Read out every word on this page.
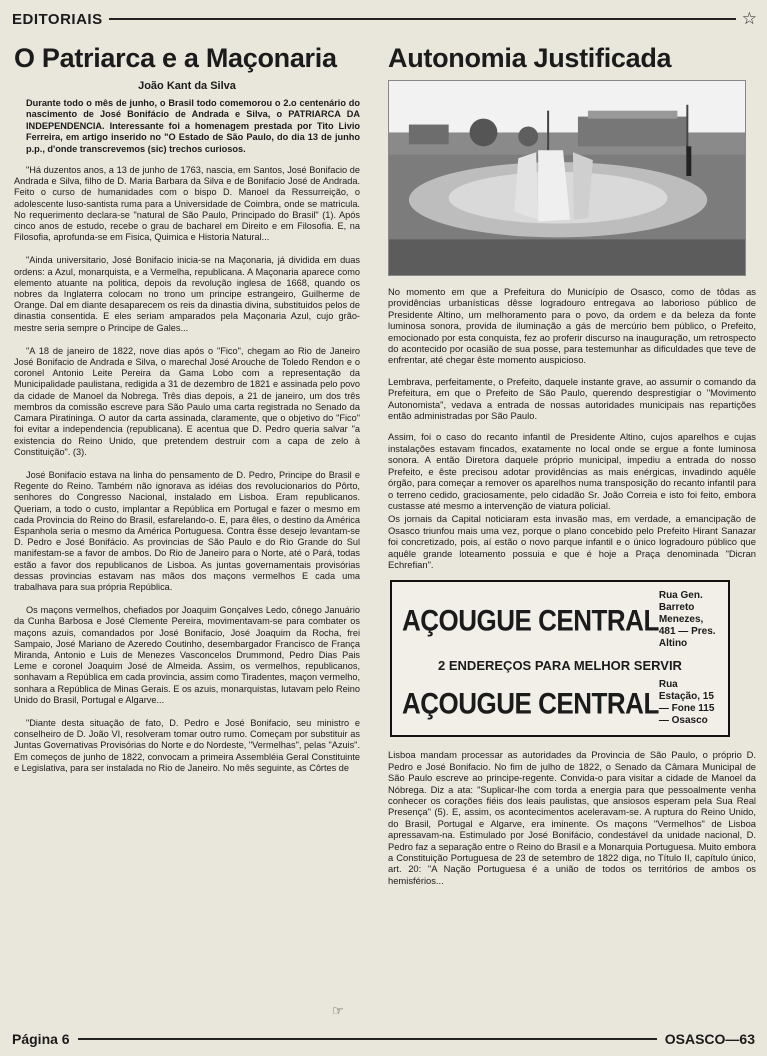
EDITORIAIS	☆
O Patriarca e a Maçonaria
João Kant da Silva
Durante todo o mês de junho, o Brasil todo comemorou o 2.o centenário do nascimento de José Bonifácio de Andrada e Silva, o PATRIARCA DA INDEPENDENCIA. Interessante foi a homenagem prestada por Tito Livio Ferreira, em artigo inserido no "O Estado de São Paulo, do dia 13 de junho p.p., d'onde transcrevemos (sic) trechos curiosos.

"Há duzentos anos, a 13 de junho de 1763, nascia, em Santos, José Bonifacio de Andrada e Silva, filho de D. Maria Barbara da Silva e de Bonifacio José de Andrada. Feito o curso de humanidades com o bispo D. Manoel da Ressurreição, o adolescente luso-santista ruma para a Universidade de Coimbra, onde se matricula. No requerimento declara-se "natural de São Paulo, Principado do Brasil" (1). Após cinco anos de estudo, recebe o grau de bacharel em Direito e em Filosofia. E, na Filosofia, aprofunda-se em Fisica, Quimica e Historia Natural...

"Ainda universitario, José Bonifacio inicia-se na Maçonaria, já dividida em duas ordens: a Azul, monarquista, e a Vermelha, republicana. A Maçonaria aparece como elemento atuante na politica, depois da revolução inglesa de 1668, quando os nobres da Inglaterra colocam no trono um principe estrangeiro, Guilherme de Orange. Dal em diante desaparecem os reis da dinastia divina, substituidos pelos de dinastia consentida. E eles seriam amparados pela Maçonaria Azul, cujo grão-mestre seria sempre o Principe de Gales...

"A 18 de janeiro de 1822, nove dias após o "Fico", chegam ao Rio de Janeiro José Bonifacio de Andrada e Silva, o marechal José Arouche de Toledo Rendon e o coronel Antonio Leite Pereira da Gama Lobo com a representação da Municipalidade paulistana, redigida a 31 de dezembro de 1821 e assinada pelo povo da cidade de Manoel da Nobrega. Três dias depois, a 21 de janeiro, um dos três membros da comissão escreve para São Paulo uma carta registrada no Senado da Camara Piratininga. O autor da carta assinada, claramente, que o objetivo do "Fico" foi evitar a independencia (republicana). E acentua que D. Pedro queria salvar "a existencia do Reino Unido, que pretendem destruir com a capa de zelo à Constituição". (3).

José Bonifacio estava na linha do pensamento de D. Pedro, Principe do Brasil e Regente do Reino. Também não ignorava as idéias dos revolucionarios do Pôrto, senhores do Congresso Nacional, instalado em Lisboa. Eram republicanos. Queriam, a todo o custo, implantar a República em Portugal e fazer o mesmo em cada Provincia do Reino do Brasil, esfarelando-o. E, para êles, o destino da América Espanhola seria o mesmo da América Portuguesa. Contra êsse desejo levantam-se D. Pedro e José Bonifácio. As provincias de São Paulo e do Rio Grande do Sul manifestam-se a favor de ambos. Do Rio de Janeiro para o Norte, até o Pará, todas estão a favor dos republicanos de Lisboa. As juntas governamentais provisórias dessas provincias estavam nas mãos dos maçons vermelhos E cada uma trabalhava para sua própria República.

Os maçons vermelhos, chefiados por Joaquim Gonçalves Ledo, cônego Januário da Cunha Barbosa e José Clemente Pereira, movimentavam-se para combater os maçons azuis, comandados por José Bonifacio, José Joaquim da Rocha, frei Sampaio, José Mariano de Azeredo Coutinho, desembargador Francisco de França Miranda, Antonio e Luis de Menezes Vasconcelos Drummond, Pedro Dias Pais Leme e coronel Joaquim José de Almeida. Assim, os vermelhos, republicanos, sonhavam a República em cada provincia, assim como Tiradentes, maçon vermelho, sonhara a República de Minas Gerais. E os azuis, monarquistas, lutavam pelo Reino Unido do Brasil, Portugal e Algarve...

"Diante desta situação de fato, D. Pedro e José Bonifacio, seu ministro e conselheiro de D. João VI, resolveram tomar outro rumo. Começam por substituir as Juntas Governativas Provisórias do Norte e do Nordeste, "Vermelhas", pelas "Azuis". Em começos de junho de 1822, convocam a primeira Assembléia Geral Constituinte e Legislativa, para ser instalada no Rio de Janeiro. No mês seguinte, as Côrtes de

Autonomia Justificada

No momento em que a Prefeitura do Município de Osasco, como de tôdas as providências urbanísticas dêsse logradouro entregava ao laborioso público de Presidente Altino, um melhoramento para o povo, da ordem e da beleza da fonte luminosa sonora, provida de iluminação a gás de mercúrio bem público, o Prefeito, emocionado por esta conquista, fez ao proferir discurso na inauguração, um retrospecto do acontecido por ocasião de sua posse, para testemunhar as dificuldades que teve de enfrentar, até chegar êste momento auspicioso.

Lembrava, perfeitamente, o Prefeito, daquele instante grave, ao assumir o comando da Prefeitura, em que o Prefeito de São Paulo, querendo desprestigiar o "Movimento Autonomista", vedava a entrada de nossas autoridades municipais nas repartições então administradas por São Paulo.

Assim, foi o caso do recanto infantil de Presidente Altino, cujos aparelhos e cujas instalações estavam fincados, exatamente no local onde se ergue a fonte luminosa sonora. A então Diretora daquele próprio municipal, impediu a entrada do nosso Prefeito, e êste precisou adotar providências as mais enérgicas, invadindo aquêle órgão, para começar a remover os aparelhos numa transposição do recanto infantil para o terreno cedido, graciosamente, pelo cidadão Sr. João Correia e isto foi feito, embora custasse até mesmo a intervenção de viatura policial.

Os jornais da Capital noticiaram esta invasão mas, em verdade, a emancipação de Osasco triunfou mais uma vez, porque o plano concebido pelo Prefeito Hirant Sanazar foi concretizado, pois, aí estão o novo parque infantil e o único logradouro público que aquêle grande loteamento possuia e que é hoje a Praça denominada "Dicran Echrefian".

AÇOUGUE CENTRAL
Rua Gen. Barreto Menezes, 481 — Pres. Altino
2 ENDEREÇOS PARA MELHOR SERVIR
AÇOUGUE CENTRAL
Rua Estação, 15 — Fone 115 — Osasco

Lisboa mandam processar as autoridades da Provincia de São Paulo, o próprio D. Pedro e José Bonifacio. No fim de julho de 1822, o Senado da Câmara Municipal de São Paulo escreve ao principe-regente. Convida-o para visitar a cidade de Manoel da Nóbrega. Diz a ata: "Suplicar-lhe com torda a energia para que pessoalmente venha conhecer os corações fiéis dos leais paulistas, que ansiosos esperam pela Sua Real Presença" (5). E, assim, os acontecimentos aceleravam-se. A ruptura do Reino Unido, do Brasil, Portugal e Algarve, era iminente. Os maçons "Vermelhos" de Lisboa apressavam-na. Estimulado por José Bonifácio, condestável da unidade nacional, D. Pedro faz a separação entre o Reino do Brasil e a Monarquia Portuguesa. Muito embora a Constituição Portuguesa de 23 de setembro de 1822 diga, no Título II, capítulo único, art. 20: "A Nação Portuguesa é a união de todos os territórios de ambos os hemisférios...

☞
Página 6	OSASCO—63
